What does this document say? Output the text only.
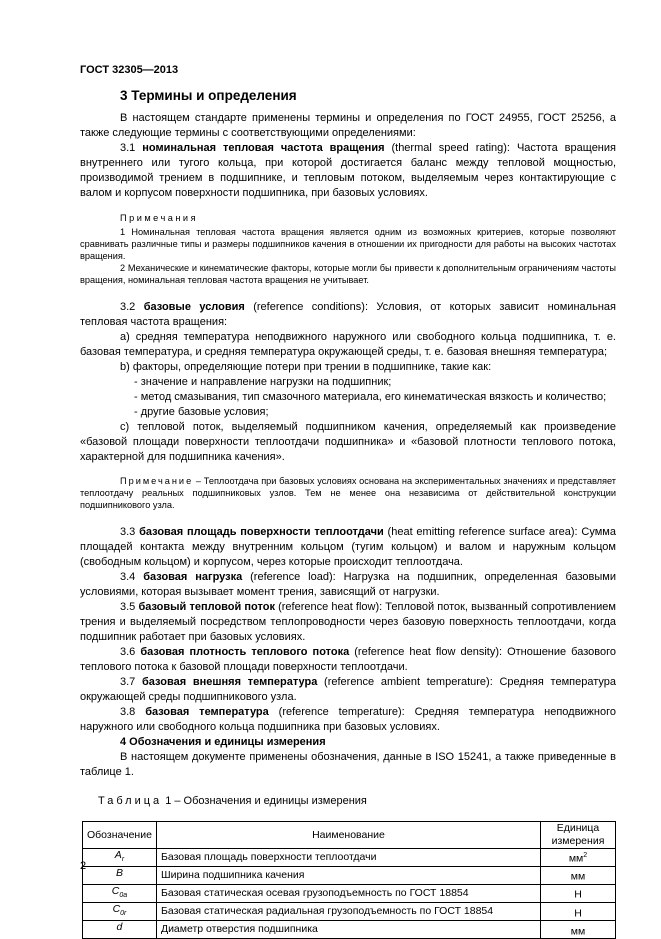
ГОСТ 32305—2013
3 Термины и определения

В настоящем стандарте применены термины и определения по ГОСТ 24955, ГОСТ 25256, а также следующие термины с соответствующими определениями:

3.1 номинальная тепловая частота вращения (thermal speed rating): Частота вращения внутреннего или тугого кольца, при которой достигается баланс между тепловой мощностью, производимой трением в подшипнике, и тепловым потоком, выделяемым через контактирующие с валом и корпусом поверхности подшипника, при базовых условиях.

Примечания

1 Номинальная тепловая частота вращения является одним из возможных критериев, которые позволяют сравнивать различные типы и размеры подшипников качения в отношении их пригодности для работы на высоких частотах вращения.

2 Механические и кинематические факторы, которые могли бы привести к дополнительным ограничениям частоты вращения, номинальная тепловая частота вращения не учитывает.

3.2 базовые условия (reference conditions): Условия, от которых зависит номинальная тепловая частота вращения:

а) средняя температура неподвижного наружного или свободного кольца подшипника, т. е. базовая температура, и средняя температура окружающей среды, т. е. базовая внешняя температура;

b) факторы, определяющие потери при трении в подшипнике, такие как:

- значение и направление нагрузки на подшипник;

- метод смазывания, тип смазочного материала, его кинематическая вязкость и количество;

- другие базовые условия;

с) тепловой поток, выделяемый подшипником качения, определяемый как произведение «базовой площади поверхности теплоотдачи подшипника» и «базовой плотности теплового потока, характерной для подшипника качения».

Примечание – Теплоотдача при базовых условиях основана на экспериментальных значениях и представляет теплоотдачу реальных подшипниковых узлов. Тем не менее она независима от действительной конструкции подшипникового узла.

3.3 базовая площадь поверхности теплоотдачи (heat emitting reference surface area): Сумма площадей контакта между внутренним кольцом (тугим кольцом) и валом и наружным кольцом (свободным кольцом) и корпусом, через которые происходит теплоотдача.

3.4 базовая нагрузка (reference load): Нагрузка на подшипник, определенная базовыми условиями, которая вызывает момент трения, зависящий от нагрузки.

3.5 базовый тепловой поток (reference heat flow): Тепловой поток, вызванный сопротивлением трения и выделяемый посредством теплопроводности через базовую поверхность теплоотдачи, когда подшипник работает при базовых условиях.

3.6 базовая плотность теплового потока (reference heat flow density): Отношение базового теплового потока к базовой площади поверхности теплоотдачи.

3.7 базовая внешняя температура (reference ambient temperature): Средняя температура окружающей среды подшипникового узла.

3.8 базовая температура (reference temperature): Средняя температура неподвижного наружного или свободного кольца подшипника при базовых условиях.

4 Обозначения и единицы измерения

В настоящем документе применены обозначения, данные в ISO 15241, а также приведенные в таблице 1.

Таблица 1 – Обозначения и единицы измерения
Обозначение	Наименование	Единица измерения
$A_r$	Базовая площадь поверхности теплоотдачи	$мм^2$
B	Ширина подшипника качения	мм
$C_{0a}$	Базовая статическая осевая грузоподъемность по ГОСТ 18854	Н
$C_{0r}$	Базовая статическая радиальная грузоподъемность по ГОСТ 18854	Н
d	Диаметр отверстия подшипника	мм
2
